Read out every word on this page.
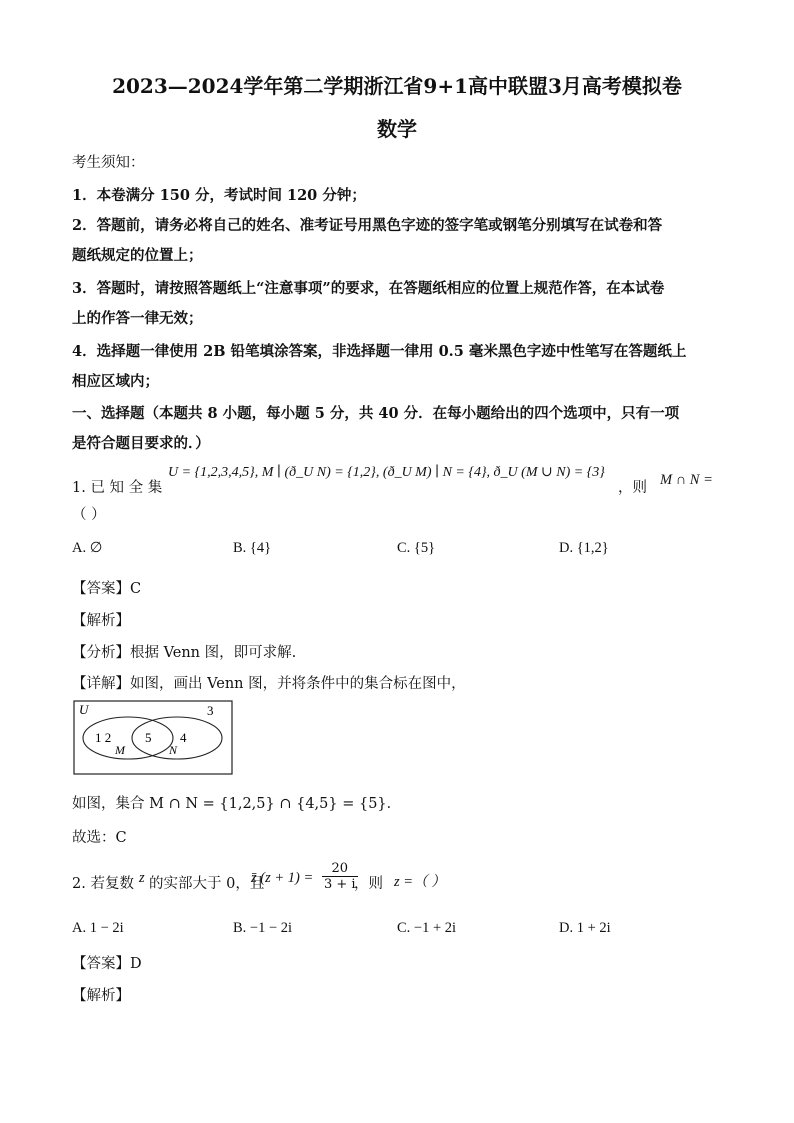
2023—2024学年第二学期浙江省9+1高中联盟3月高考模拟卷
数学
考生须知：
1．本卷满分 150 分，考试时间 120 分钟；
2．答题前，请务必将自己的姓名、准考证号用黑色字迹的签字笔或钢笔分别填写在试卷和答
题纸规定的位置上；
3．答题时，请按照答题纸上“注意事项”的要求，在答题纸相应的位置上规范作答，在本试卷
上的作答一律无效；
4．选择题一律使用 2B 铅笔填涂答案，非选择题一律用 0.5 毫米黑色字迹中性笔写在答题纸上
相应区域内；
一、选择题（本题共 8 小题，每小题 5 分，共 40 分．在每小题给出的四个选项中，只有一项
是符合题目要求的．）
1. 已 知 全 集
U = {1,2,3,4,5}, M ∣ (ð_U N) = {1,2}, (ð_U M) ∣ N = {4}, ð_U (M ∪ N) = {3}
，则 M ∩ N =
（ ）
A. ∅	B. {4}	C. {5}	D. {1,2}
【答案】C
【解析】
【分析】根据 Venn 图，即可求解.
【详解】如图，画出 Venn 图，并将条件中的集合标在图中，
U	3
1 2	5 4
M	N
如图，集合 M ∩ N = {1,2,5} ∩ {4,5} = {5}．
故选：C
2. 若复数 z 的实部大于 0，且
z̄ $(z + 1) = \frac{20}{3 + i}$
，则 z =（ ）
A. 1 − 2i	B. −1 − 2i	C. −1 + 2i	D. 1 + 2i
【答案】D
【解析】
